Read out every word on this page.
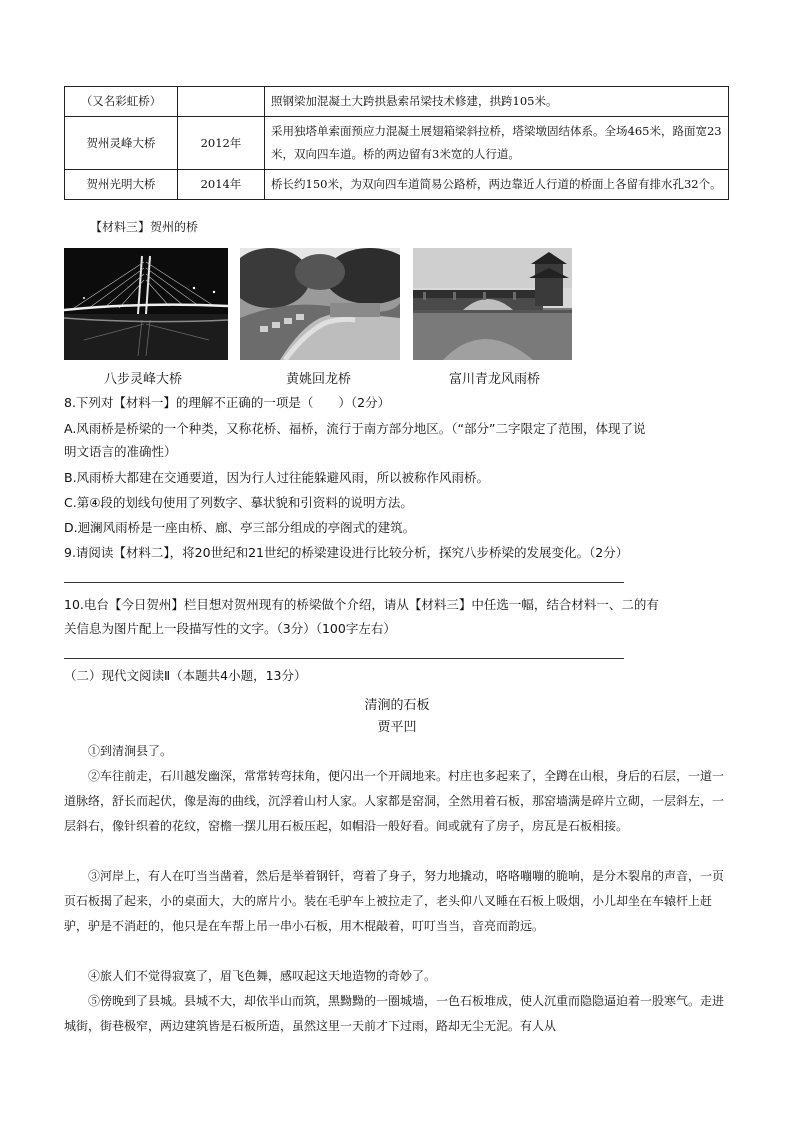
（又名彩虹桥）		照钢梁加混凝土大跨拱悬索吊梁技术修建，拱跨105米。
贺州灵峰大桥	2012年	采用独塔单索面预应力混凝土展翅箱梁斜拉桥，塔梁墩固结体系。全场465米，路面宽23米，双向四车道。桥的两边留有3米宽的人行道。
贺州光明大桥	2014年	桥长约150米，为双向四车道简易公路桥，两边靠近人行道的桥面上各留有排水孔32个。
【材料三】贺州的桥
八步灵峰大桥	黄姚回龙桥	富川青龙风雨桥
8.下列对【材料一】的理解不正确的一项是（　　）（2分）
A.风雨桥是桥梁的一个种类，又称花桥、福桥，流行于南方部分地区。（“部分”二字限定了范围，体现了说
明文语言的准确性）
B.风雨桥大都建在交通要道，因为行人过往能躲避风雨，所以被称作风雨桥。
C.第④段的划线句使用了列数字、摹状貌和引资料的说明方法。
D.迴澜风雨桥是一座由桥、廊、亭三部分组成的亭阁式的建筑。
9.请阅读【材料二】，将20世纪和21世纪的桥梁建设进行比较分析，探究八步桥梁的发展变化。（2分）
10.电台【今日贺州】栏目想对贺州现有的桥梁做个介绍，请从【材料三】中任选一幅，结合材料一、二的有
关信息为图片配上一段描写性的文字。（3分）（100字左右）
（二）现代文阅读Ⅱ（本题共4小题，13分）
清涧的石板
贾平凹

①到清涧县了。

②车往前走，石川越发幽深，常常转弯抹角，便闪出一个开阔地来。村庄也多起来了，全蹲在山根，身后的石层，一道一道脉络，舒长而起伏，像是海的曲线，沉浮着山村人家。人家都是窑洞，全然用着石板，那窑墙满是碎片立砌，一层斜左，一层斜右，像针织着的花纹，窑檐一摆儿用石板压起，如帽沿一般好看。间或就有了房子，房瓦是石板相接。

③河岸上，有人在叮当当凿着，然后是举着钢钎，弯着了身子，努力地撬动，咯咯嘣嘣的脆响，是分木裂帛的声音，一页页石板揭了起来，小的桌面大，大的席片小。装在毛驴车上被拉走了，老头仰八叉睡在石板上吸烟，小儿却坐在车辕杆上赶驴，驴是不消赶的，他只是在车帮上吊一串小石板，用木棍敲着，叮叮当当，音亮而韵远。

④旅人们不觉得寂寞了，眉飞色舞，感叹起这天地造物的奇妙了。

⑤傍晚到了县城。县城不大，却依半山而筑，黑黝黝的一圈城墙，一色石板堆成，使人沉重而隐隐逼迫着一股寒气。走进城街，街巷极窄，两边建筑皆是石板所造，虽然这里一天前才下过雨，路却无尘无泥。有人从
